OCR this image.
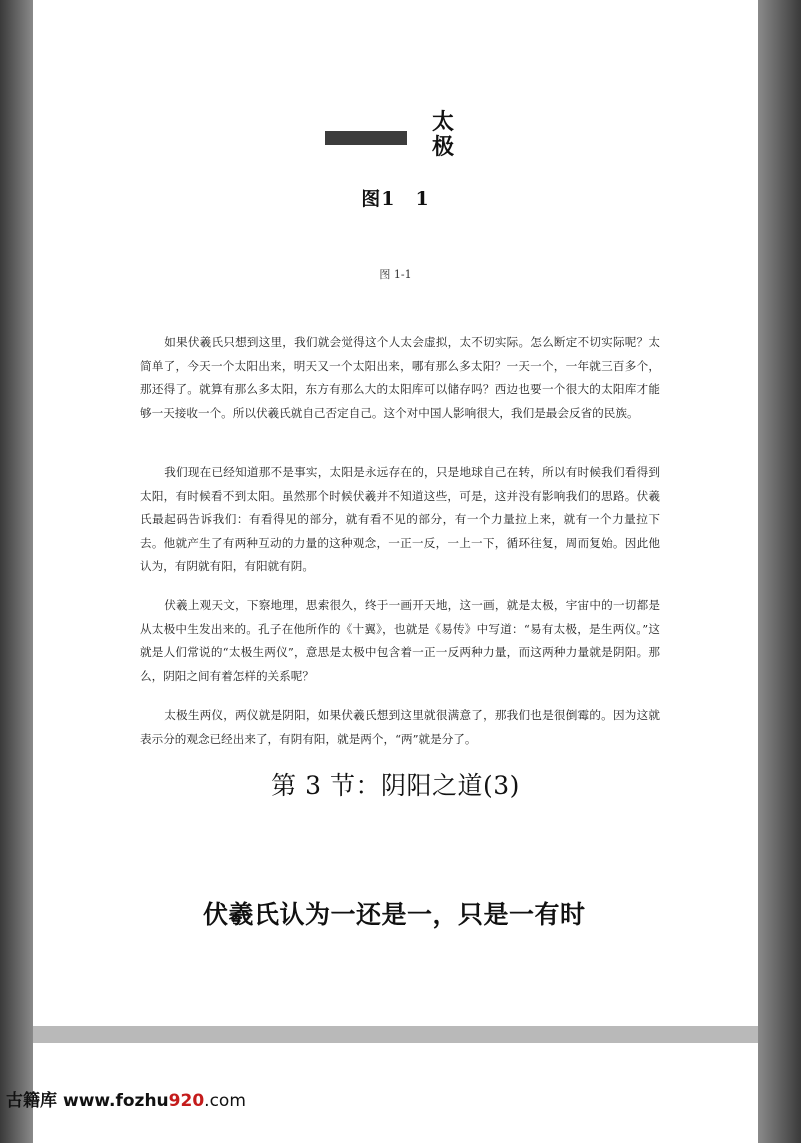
太
极
图1　1
图 1-1

如果伏羲氏只想到这里，我们就会觉得这个人太会虚拟，太不切实际。怎么断定不切实际呢？太简单了，今天一个太阳出来，明天又一个太阳出来，哪有那么多太阳？一天一个，一年就三百多个，那还得了。就算有那么多太阳，东方有那么大的太阳库可以储存吗？西边也要一个很大的太阳库才能够一天接收一个。所以伏羲氏就自己否定自己。这个对中国人影响很大，我们是最会反省的民族。

我们现在已经知道那不是事实，太阳是永远存在的，只是地球自己在转，所以有时候我们看得到太阳，有时候看不到太阳。虽然那个时候伏羲并不知道这些，可是，这并没有影响我们的思路。伏羲氏最起码告诉我们：有看得见的部分，就有看不见的部分，有一个力量拉上来，就有一个力量拉下去。他就产生了有两种互动的力量的这种观念，一正一反，一上一下，循环往复，周而复始。因此他认为，有阴就有阳，有阳就有阴。

伏羲上观天文，下察地理，思索很久，终于一画开天地，这一画，就是太极，宇宙中的一切都是从太极中生发出来的。孔子在他所作的《十翼》，也就是《易传》中写道：“易有太极，是生两仪。”这就是人们常说的“太极生两仪”，意思是太极中包含着一正一反两种力量，而这两种力量就是阴阳。那么，阴阳之间有着怎样的关系呢？

太极生两仪，两仪就是阴阳，如果伏羲氏想到这里就很满意了，那我们也是很倒霉的。因为这就表示分的观念已经出来了，有阴有阳，就是两个，“两”就是分了。

第 3 节：阴阳之道(3)
伏羲氏认为一还是一，只是一有时
古籍库 www.fozhu920.com
